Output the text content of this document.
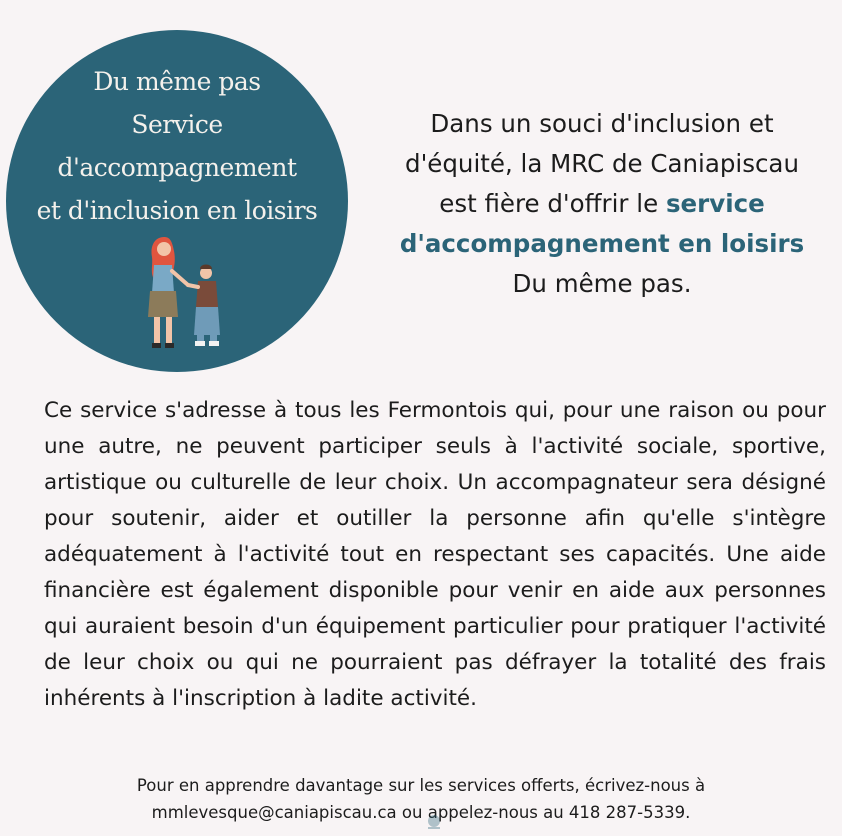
Du même pas
Service
d'accompagnement
et d'inclusion en loisirs

Dans un souci d'inclusion et
d'équité, la MRC de Caniapiscau
est fière d'offrir le service
d'accompagnement en loisirs
Du même pas.

Ce service s'adresse à tous les Fermontois qui, pour une raison ou pour une autre, ne peuvent participer seuls à l'activité sociale, sportive, artistique ou culturelle de leur choix. Un accompagnateur sera désigné pour soutenir, aider et outiller la personne afin qu'elle s'intègre adéquatement à l'activité tout en respectant ses capacités. Une aide financière est également disponible pour venir en aide aux personnes qui auraient besoin d'un équipement particulier pour pratiquer l'activité de leur choix ou qui ne pourraient pas défrayer la totalité des frais inhérents à l'inscription à ladite activité.

Pour en apprendre davantage sur les services offerts, écrivez-nous à
mmlevesque@caniapiscau.ca ou appelez-nous au 418 287-5339.
